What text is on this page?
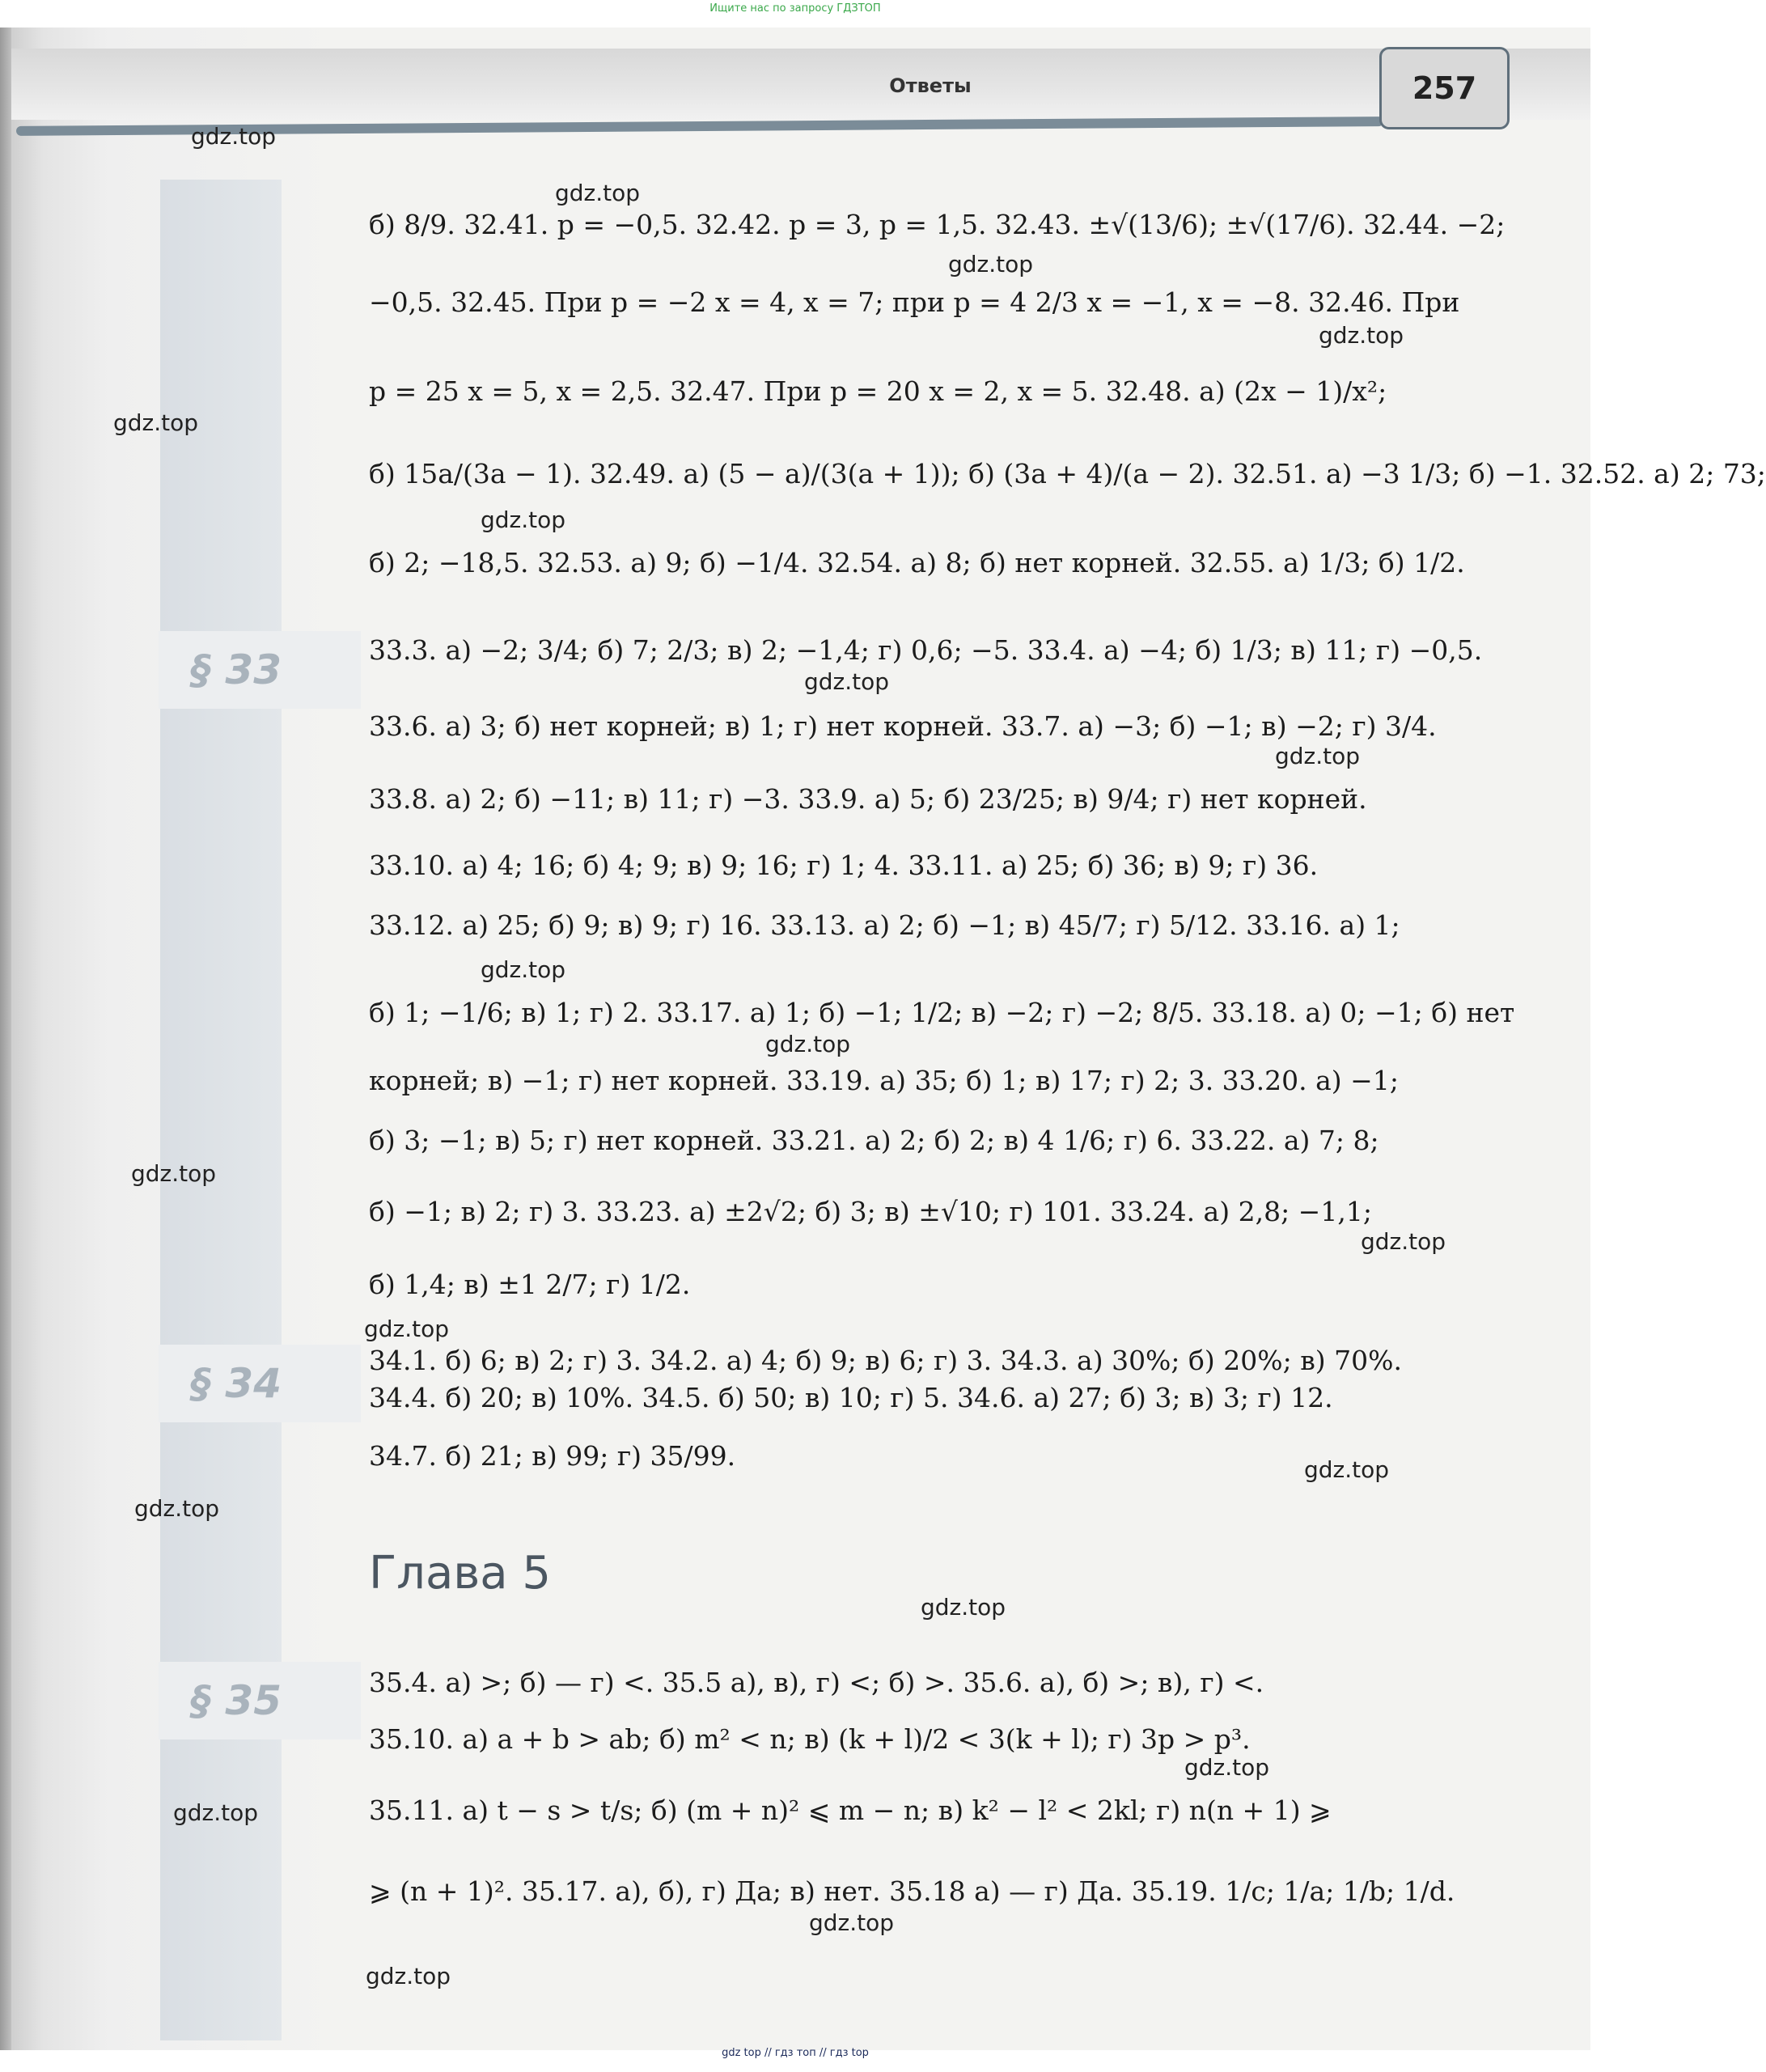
Ищите нас по запросу ГДЗТОП
Ответы	257
§ 33
§ 34
§ 35
б) 8/9. 32.41. p = −0,5. 32.42. p = 3, p = 1,5. 32.43. ±√(13/6); ±√(17/6). 32.44. −2;
−0,5. 32.45. При p = −2 x = 4, x = 7; при p = 4 2/3 x = −1, x = −8. 32.46. При
p = 25 x = 5, x = 2,5. 32.47. При p = 20 x = 2, x = 5. 32.48. а) (2x − 1)/x²;
б) 15a/(3a − 1). 32.49. а) (5 − a)/(3(a + 1)); б) (3a + 4)/(a − 2). 32.51. а) −3 1/3; б) −1. 32.52. а) 2; 73;
б) 2; −18,5. 32.53. а) 9; б) −1/4. 32.54. а) 8; б) нет корней. 32.55. а) 1/3; б) 1/2.
33.3. а) −2; 3/4; б) 7; 2/3; в) 2; −1,4; г) 0,6; −5. 33.4. а) −4; б) 1/3; в) 11; г) −0,5.
33.6. а) 3; б) нет корней; в) 1; г) нет корней. 33.7. а) −3; б) −1; в) −2; г) 3/4.
33.8. а) 2; б) −11; в) 11; г) −3. 33.9. а) 5; б) 23/25; в) 9/4; г) нет корней.
33.10. а) 4; 16; б) 4; 9; в) 9; 16; г) 1; 4. 33.11. а) 25; б) 36; в) 9; г) 36.
33.12. а) 25; б) 9; в) 9; г) 16. 33.13. а) 2; б) −1; в) 45/7; г) 5/12. 33.16. а) 1;
б) 1; −1/6; в) 1; г) 2. 33.17. а) 1; б) −1; 1/2; в) −2; г) −2; 8/5. 33.18. а) 0; −1; б) нет
корней; в) −1; г) нет корней. 33.19. а) 35; б) 1; в) 17; г) 2; 3. 33.20. а) −1;
б) 3; −1; в) 5; г) нет корней. 33.21. а) 2; б) 2; в) 4 1/6; г) 6. 33.22. а) 7; 8;
б) −1; в) 2; г) 3. 33.23. а) ±2√2; б) 3; в) ±√10; г) 101. 33.24. а) 2,8; −1,1;
б) 1,4; в) ±1 2/7; г) 1/2.
34.1. б) 6; в) 2; г) 3. 34.2. а) 4; б) 9; в) 6; г) 3. 34.3. а) 30%; б) 20%; в) 70%.
34.4. б) 20; в) 10%. 34.5. б) 50; в) 10; г) 5. 34.6. а) 27; б) 3; в) 3; г) 12.
34.7. б) 21; в) 99; г) 35/99.
Глава 5
35.4. а) >; б) — г) <. 35.5 а), в), г) <; б) >. 35.6. а), б) >; в), г) <.
35.10. а) a + b > ab; б) m² < n; в) (k + l)/2 < 3(k + l); г) 3p > p³.
35.11. а) t − s > t/s; б) (m + n)² ⩽ m − n; в) k² − l² < 2kl; г) n(n + 1) ⩾
⩾ (n + 1)². 35.17. а), б), г) Да; в) нет. 35.18 а) — г) Да. 35.19. 1/c; 1/a; 1/b; 1/d.
gdz.top
gdz.top
gdz.top
gdz.top
gdz.top
gdz.top
gdz.top
gdz.top
gdz.top
gdz.top
gdz.top
gdz.top
gdz.top
gdz.top
gdz.top
gdz.top
gdz.top
gdz.top
gdz.top
gdz.top
gdz top // гдз топ // гдз top
